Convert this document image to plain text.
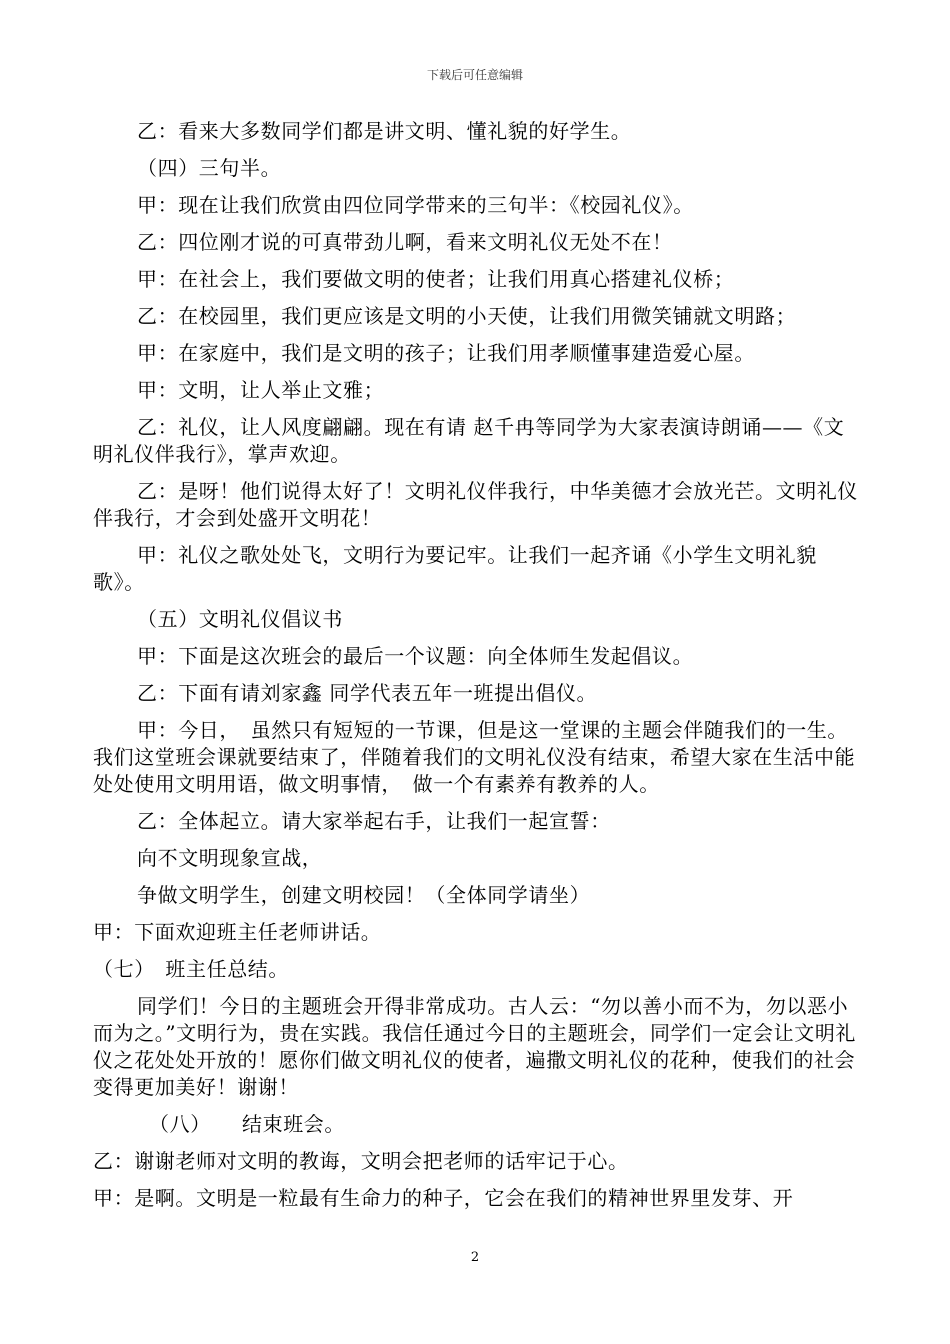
下载后可任意编辑

乙：看来大多数同学们都是讲文明、懂礼貌的好学生。

（四）三句半。

甲：现在让我们欣赏由四位同学带来的三句半：《校园礼仪》。

乙：四位刚才说的可真带劲儿啊，看来文明礼仪无处不在！

甲：在社会上，我们要做文明的使者；让我们用真心搭建礼仪桥；

乙：在校园里，我们更应该是文明的小天使，让我们用微笑铺就文明路；

甲：在家庭中，我们是文明的孩子；让我们用孝顺懂事建造爱心屋。

甲：文明，让人举止文雅；

乙：礼仪，让人风度翩翩。现在有请 赵千冉等同学为大家表演诗朗诵——《文明礼仪伴我行》，掌声欢迎。

乙：是呀！他们说得太好了！文明礼仪伴我行，中华美德才会放光芒。文明礼仪伴我行，才会到处盛开文明花！

甲：礼仪之歌处处飞，文明行为要记牢。让我们一起齐诵《小学生文明礼貌歌》。

（五）文明礼仪倡议书

甲：下面是这次班会的最后一个议题：向全体师生发起倡议。

乙：下面有请刘家鑫 同学代表五年一班提出倡仪。

甲：今日，　虽然只有短短的一节课，但是这一堂课的主题会伴随我们的一生。我们这堂班会课就要结束了，伴随着我们的文明礼仪没有结束，希望大家在生活中能处处使用文明用语，做文明事情，　做一个有素养有教养的人。

乙：全体起立。请大家举起右手，让我们一起宣誓：

向不文明现象宣战，

争做文明学生，创建文明校园！（全体同学请坐）

甲：下面欢迎班主任老师讲话。

（七）　班主任总结。

同学们！今日的主题班会开得非常成功。古人云：“勿以善小而不为，勿以恶小而为之。”文明行为，贵在实践。我信任通过今日的主题班会，同学们一定会让文明礼仪之花处处开放的！愿你们做文明礼仪的使者，遍撒文明礼仪的花种，使我们的社会变得更加美好！谢谢！

（八）　　结束班会。

乙：谢谢老师对文明的教诲，文明会把老师的话牢记于心。

甲：是啊。文明是一粒最有生命力的种子，它会在我们的精神世界里发芽、开

2
